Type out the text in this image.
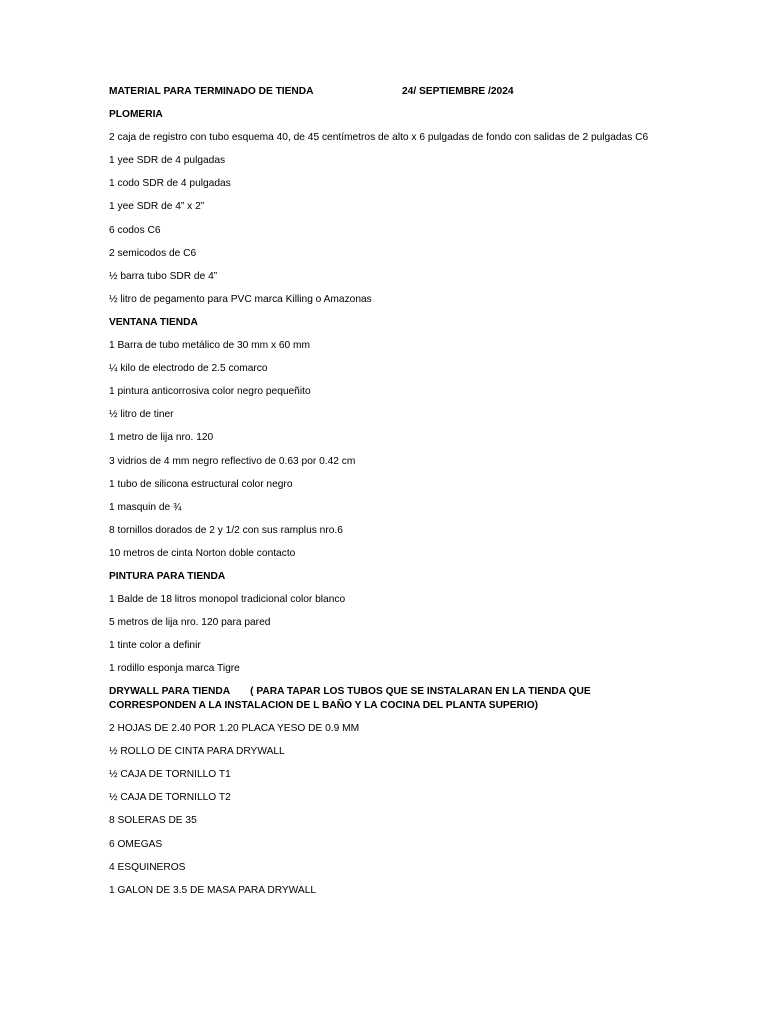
MATERIAL PARA TERMINADO DE TIENDA	24/ SEPTIEMBRE /2024
PLOMERIA
2 caja de registro con tubo esquema 40, de 45 centímetros de alto x 6 pulgadas de fondo con salidas de 2 pulgadas C6
1 yee SDR de 4 pulgadas
1 codo SDR de 4 pulgadas
1 yee SDR de 4” x 2”
6 codos C6
2 semicodos de C6
½ barra tubo SDR de 4”
½ litro de pegamento para PVC marca Killing o Amazonas
VENTANA TIENDA
1 Barra de tubo metálico de 30 mm x 60 mm
¼ kilo de electrodo de 2.5 comarco
1 pintura anticorrosiva color negro pequeñito
½ litro de tiner
1 metro de lija nro. 120
3 vidrios de 4 mm negro reflectivo de 0.63 por 0.42 cm
1 tubo de silicona estructural color negro
1 masquin de ¾
8 tornillos dorados de 2 y 1/2 con sus ramplus nro.6
10 metros de cinta Norton doble contacto
PINTURA PARA TIENDA
1 Balde de 18 litros monopol tradicional color blanco
5 metros de lija nro. 120 para pared
1 tinte color a definir
1 rodillo esponja marca Tigre
DRYWALL PARA TIENDA ( PARA TAPAR LOS TUBOS QUE SE INSTALARAN EN LA TIENDA QUE CORRESPONDEN A LA INSTALACION DE L BAÑO Y LA COCINA DEL PLANTA SUPERIO)
2 HOJAS DE 2.40 POR 1.20 PLACA YESO DE 0.9 MM
½ ROLLO DE CINTA PARA DRYWALL
½ CAJA DE TORNILLO T1
½ CAJA DE TORNILLO T2
8 SOLERAS DE 35
6 OMEGAS
4 ESQUINEROS
1 GALON DE 3.5 DE MASA PARA DRYWALL
